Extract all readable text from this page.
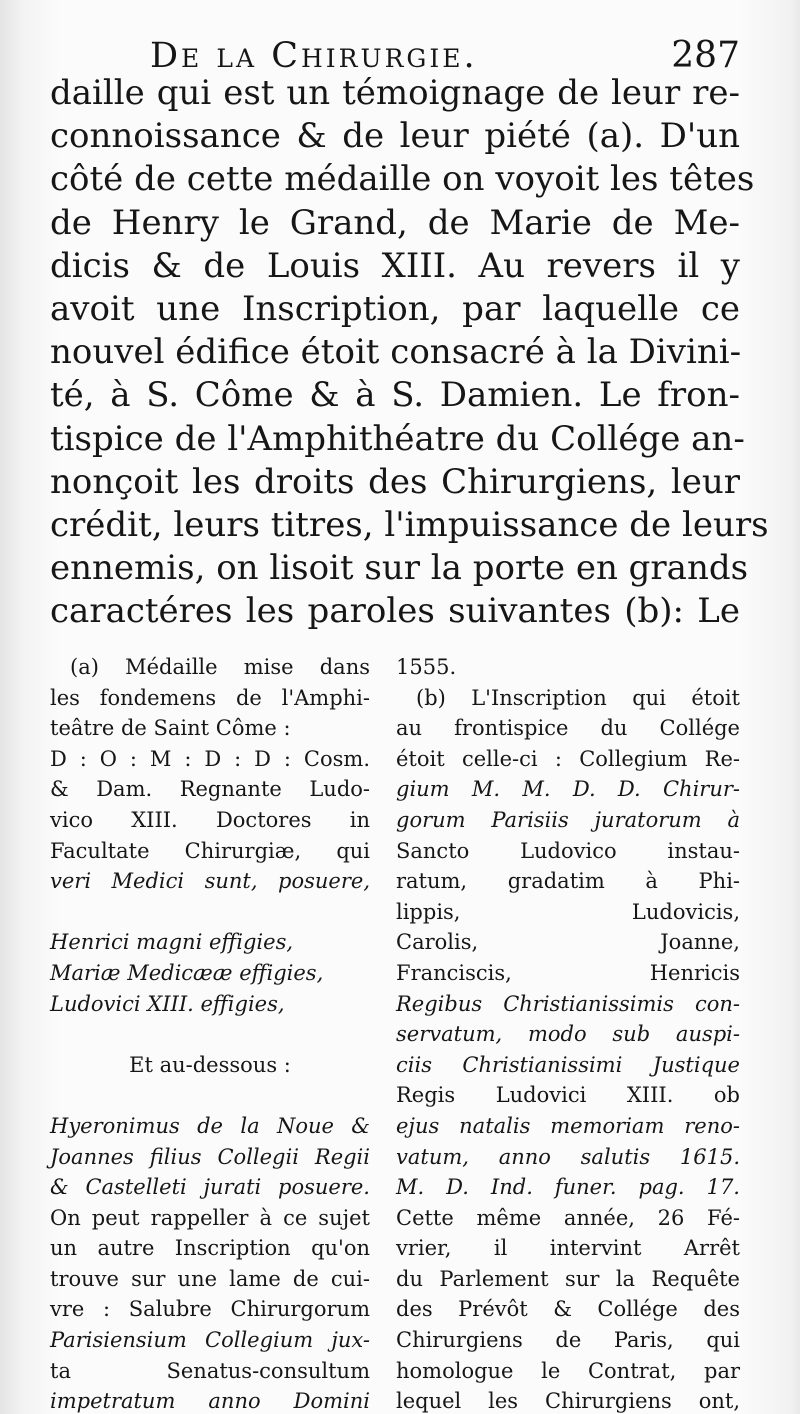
De la Chirurgie.	287
daille qui est un témoignage de leur re-
connoissance & de leur piété (a). D'un
côté de cette médaille on voyoit les têtes
de Henry le Grand, de Marie de Me-
dicis & de Louis XIII. Au revers il y
avoit une Inscription, par laquelle ce
nouvel édifice étoit consacré à la Divini-
té, à S. Côme & à S. Damien. Le fron-
tispice de l'Amphithéatre du Collége an-
nonçoit les droits des Chirurgiens, leur
crédit, leurs titres, l'impuissance de leurs
ennemis, on lisoit sur la porte en grands
caractéres les paroles suivantes (b): Le
(a) Médaille mise dans
les fondemens de l'Amphi-
teâtre de Saint Côme :
D : O : M : D : D : Cosm.
& Dam. Regnante Ludo-
vico XIII. Doctores in
Facultate Chirurgiæ, qui
veri Medici sunt, posuere,
Henrici magni effigies,
Mariæ Medicææ effigies,
Ludovici XIII. effigies,
Et au-dessous :
Hyeronimus de la Noue &
Joannes filius Collegii Regii
& Castelleti jurati posuere.
On peut rappeller à ce sujet
un autre Inscription qu'on
trouve sur une lame de cui-
vre : Salubre Chirurgorum
Parisiensium Collegium jux-
ta Senatus-consultum
impetratum anno Domini
1555.
(b) L'Inscription qui étoit
au frontispice du Collége
étoit celle-ci : Collegium Re-
gium M. M. D. D. Chirur-
gorum Parisiis juratorum à
Sancto Ludovico instau-
ratum, gradatim à Phi-
lippis, Ludovicis,
Carolis, Joanne,
Franciscis, Henricis
Regibus Christianissimis con-
servatum, modo sub auspi-
ciis Christianissimi Justique
Regis Ludovici XIII. ob
ejus natalis memoriam reno-
vatum, anno salutis 1615.
M. D. Ind. funer. pag. 17.
Cette même année, 26 Fé-
vrier, il intervint Arrêt
du Parlement sur la Requête
des Prévôt & Collége des
Chirurgiens de Paris, qui
homologue le Contrat, par
lequel les Chirurgiens ont,
